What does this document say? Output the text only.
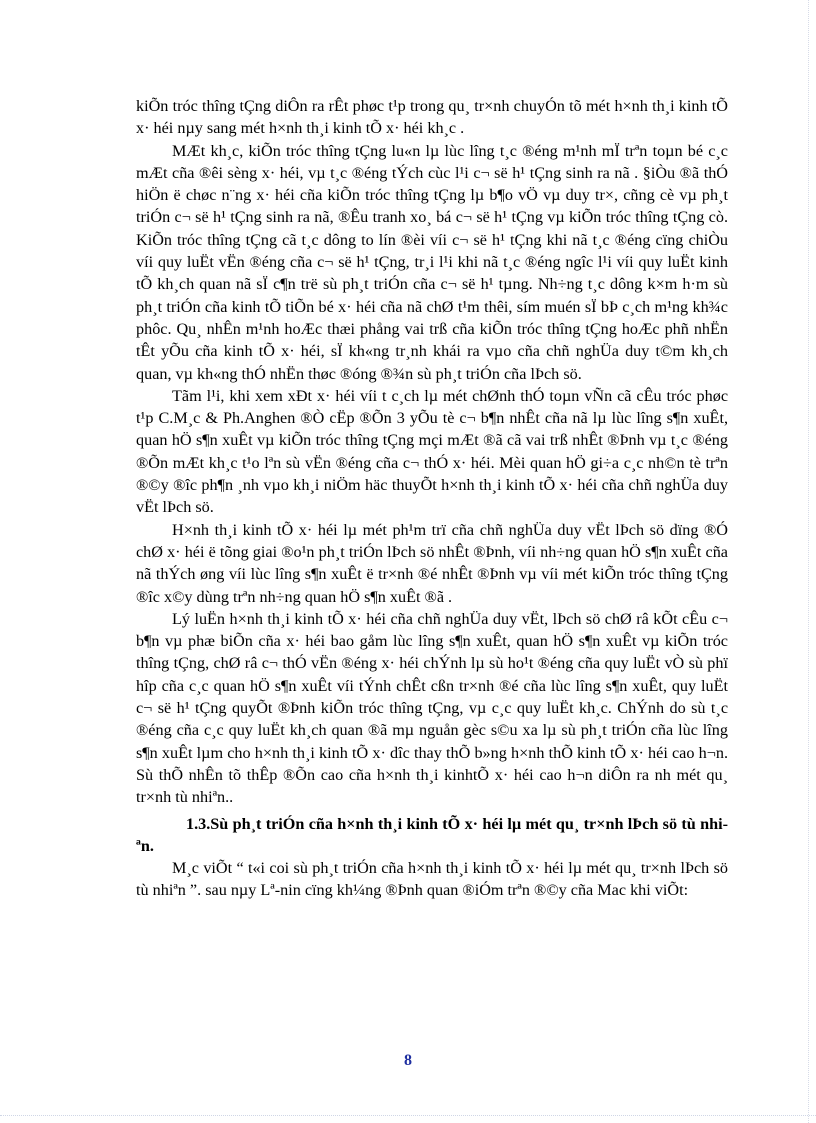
kiÕn tróc thîng tÇng diÔn ra rÊt phøc t¹p trong qu¸ tr×nh chuyÓn tõ mét h×nh th¸i kinh tÕ x· héi nµy sang mét h×nh th¸i kinh tÕ x· héi kh¸c .

MÆt kh¸c, kiÕn tróc thîng tÇng lu«n lµ lùc lîng t¸c ®éng m¹nh mÏ trªn toµn bé c¸c mÆt cña ®êi sèng x· héi, vµ t¸c ®éng tÝch cùc l¹i c¬ së h¹ tÇng sinh ra nã . §iÒu ®ã thÓ hiÖn ë chøc n¨ng x· héi cña kiÕn tróc thîng tÇng lµ b¶o vÖ vµ duy tr×, cñng cè vµ ph¸t triÓn c¬ së h¹ tÇng sinh ra nã, ®Êu tranh xo¸ bá c¬ së h¹ tÇng vµ kiÕn tróc thîng tÇng cò. KiÕn tróc thîng tÇng cã t¸c dông to lín ®èi víi c¬ së h¹ tÇng khi nã t¸c ®éng cïng chiÒu víi quy luËt vËn ®éng cña c¬ së h¹ tÇng, tr¸i l¹i khi nã t¸c ®éng ngîc l¹i víi quy luËt kinh tÕ kh¸ch quan nã sÏ c¶n trë sù ph¸t triÓn cña c¬ së h¹ tµng. Nh÷ng t¸c dông k×m h·m sù ph¸t triÓn cña kinh tÕ tiÕn bé x· héi cña nã chØ t¹m thêi, sím muén sÏ bÞ c¸ch m¹ng kh¾c phôc. Qu¸ nhÊn m¹nh hoÆc thæi phång vai trß cña kiÕn tróc thîng tÇng hoÆc phñ nhËn tÊt yÕu cña kinh tÕ x· héi, sÏ kh«ng tr¸nh khái ra vµo cña chñ nghÜa duy t©m kh¸ch quan, vµ kh«ng thÓ nhËn thøc ®óng ®¾n sù ph¸t triÓn cña lÞch sö.

Tãm l¹i, khi xem xÐt x· héi víi t c¸ch lµ mét chØnh thÓ toµn vÑn cã cÊu tróc phøc t¹p C.M¸c & Ph.Anghen ®Ò cËp ®Õn 3 yÕu tè c¬ b¶n nhÊt cña nã lµ lùc lîng s¶n xuÊt, quan hÖ s¶n xuÊt vµ kiÕn tróc thîng tÇng mçi mÆt ®ã cã vai trß nhÊt ®Þnh vµ t¸c ®éng ®Õn mÆt kh¸c t¹o lªn sù vËn ®éng cña c¬ thÓ x· héi. Mèi quan hÖ gi÷a c¸c nh©n tè trªn ®©y ®îc ph¶n ¸nh vµo kh¸i niÖm häc thuyÕt h×nh th¸i kinh tÕ x· héi cña chñ nghÜa duy vËt lÞch sö.

H×nh th¸i kinh tÕ x· héi lµ mét ph¹m trï cña chñ nghÜa duy vËt lÞch sö dïng ®Ó chØ x· héi ë tõng giai ®o¹n ph¸t triÓn lÞch sö nhÊt ®Þnh, víi nh÷ng quan hÖ s¶n xuÊt cña nã thÝch øng víi lùc lîng s¶n xuÊt ë tr×nh ®é nhÊt ®Þnh vµ víi mét kiÕn tróc thîng tÇng ®îc x©y dùng trªn nh÷ng quan hÖ s¶n xuÊt ®ã .

Lý luËn h×nh th¸i kinh tÕ x· héi cña chñ nghÜa duy vËt, lÞch sö chØ râ kÕt cÊu c¬ b¶n vµ phæ biÕn cña x· héi bao gåm lùc lîng s¶n xuÊt, quan hÖ s¶n xuÊt vµ kiÕn tróc thîng tÇng, chØ râ c¬ thÓ vËn ®éng x· héi chÝnh lµ sù ho¹t ®éng cña quy luËt vÒ sù phï hîp cña c¸c quan hÖ s¶n xuÊt víi tÝnh chÊt cßn tr×nh ®é cña lùc lîng s¶n xuÊt, quy luËt c¬ së h¹ tÇng quyÕt ®Þnh kiÕn tróc thîng tÇng, vµ c¸c quy luËt kh¸c. ChÝnh do sù t¸c ®éng cña c¸c quy luËt kh¸ch quan ®ã mµ nguån gèc s©u xa lµ sù ph¸t triÓn cña lùc lîng s¶n xuÊt lµm cho h×nh th¸i kinh tÕ x· dîc thay thÕ b»ng h×nh thÕ kinh tÕ x· héi cao h¬n. Sù thÕ nhÊn tõ thÊp ®Õn cao cña h×nh th¸i kinhtÕ x· héi cao h¬n diÔn ra nh mét qu¸ tr×nh tù nhiªn..

1.3.Sù ph¸t triÓn cña h×nh th¸i kinh tÕ x· héi lµ mét qu¸ tr×nh lÞch sö tù nhiªn.

M¸c viÕt “ t«i coi sù ph¸t triÓn cña h×nh th¸i kinh tÕ x· héi lµ mét qu¸ tr×nh lÞch sö tù nhiªn ”. sau nµy Lª-nin cïng kh¼ng ®Þnh quan ®iÓm trªn ®©y cña Mac khi viÕt:

8
